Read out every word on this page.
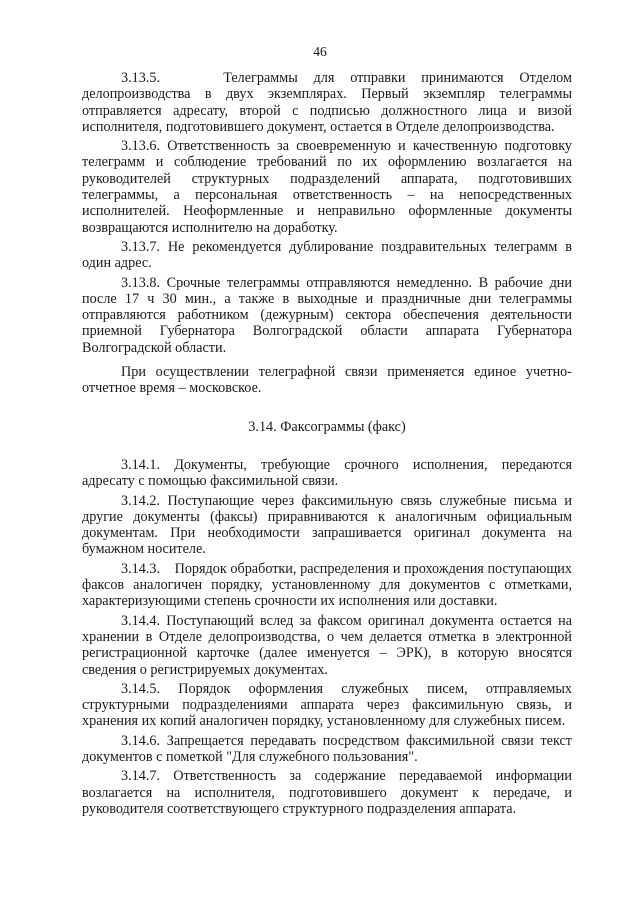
46

3.13.5.    Телеграммы для отправки принимаются Отделом делопроизводства в двух экземплярах. Первый экземпляр телеграммы отправляется адресату, второй с подписью должностного лица и визой исполнителя, подготовившего документ, остается в Отделе делопроизводства.

3.13.6. Ответственность за своевременную и качественную подготовку телеграмм и соблюдение требований по их оформлению возлагается на руководителей структурных подразделений аппарата, подготовивших телеграммы, а персональная ответственность – на непосредственных исполнителей. Неоформленные и неправильно оформленные документы возвращаются исполнителю на доработку.

3.13.7. Не рекомендуется дублирование поздравительных телеграмм в один адрес.

3.13.8. Срочные телеграммы отправляются немедленно. В рабочие дни после 17 ч 30 мин., а также в выходные и праздничные дни телеграммы отправляются работником (дежурным) сектора обеспечения деятельности приемной Губернатора Волгоградской области аппарата Губернатора Волгоградской области.

При осуществлении телеграфной связи применяется единое учетно-отчетное время – московское.

3.14. Факсограммы (факс)

3.14.1. Документы, требующие срочного исполнения, передаются адресату с помощью факсимильной связи.

3.14.2. Поступающие через факсимильную связь служебные письма и другие документы (факсы) приравниваются к аналогичным официальным документам. При необходимости запрашивается оригинал документа на бумажном носителе.

3.14.3.    Порядок обработки, распределения и прохождения поступающих факсов аналогичен порядку, установленному для документов с отметками, характеризующими степень срочности их исполнения или доставки.

3.14.4. Поступающий вслед за факсом оригинал документа остается на хранении в Отделе делопроизводства, о чем делается отметка в электронной регистрационной карточке (далее именуется – ЭРК), в которую вносятся сведения о регистрируемых документах.

3.14.5. Порядок оформления служебных писем, отправляемых структурными подразделениями аппарата через факсимильную связь, и хранения их копий аналогичен порядку, установленному для служебных писем.

3.14.6. Запрещается передавать посредством факсимильной связи текст документов с пометкой "Для служебного пользования".

3.14.7. Ответственность за содержание передаваемой информации возлагается на исполнителя, подготовившего документ к передаче, и руководителя соответствующего структурного подразделения аппарата.
